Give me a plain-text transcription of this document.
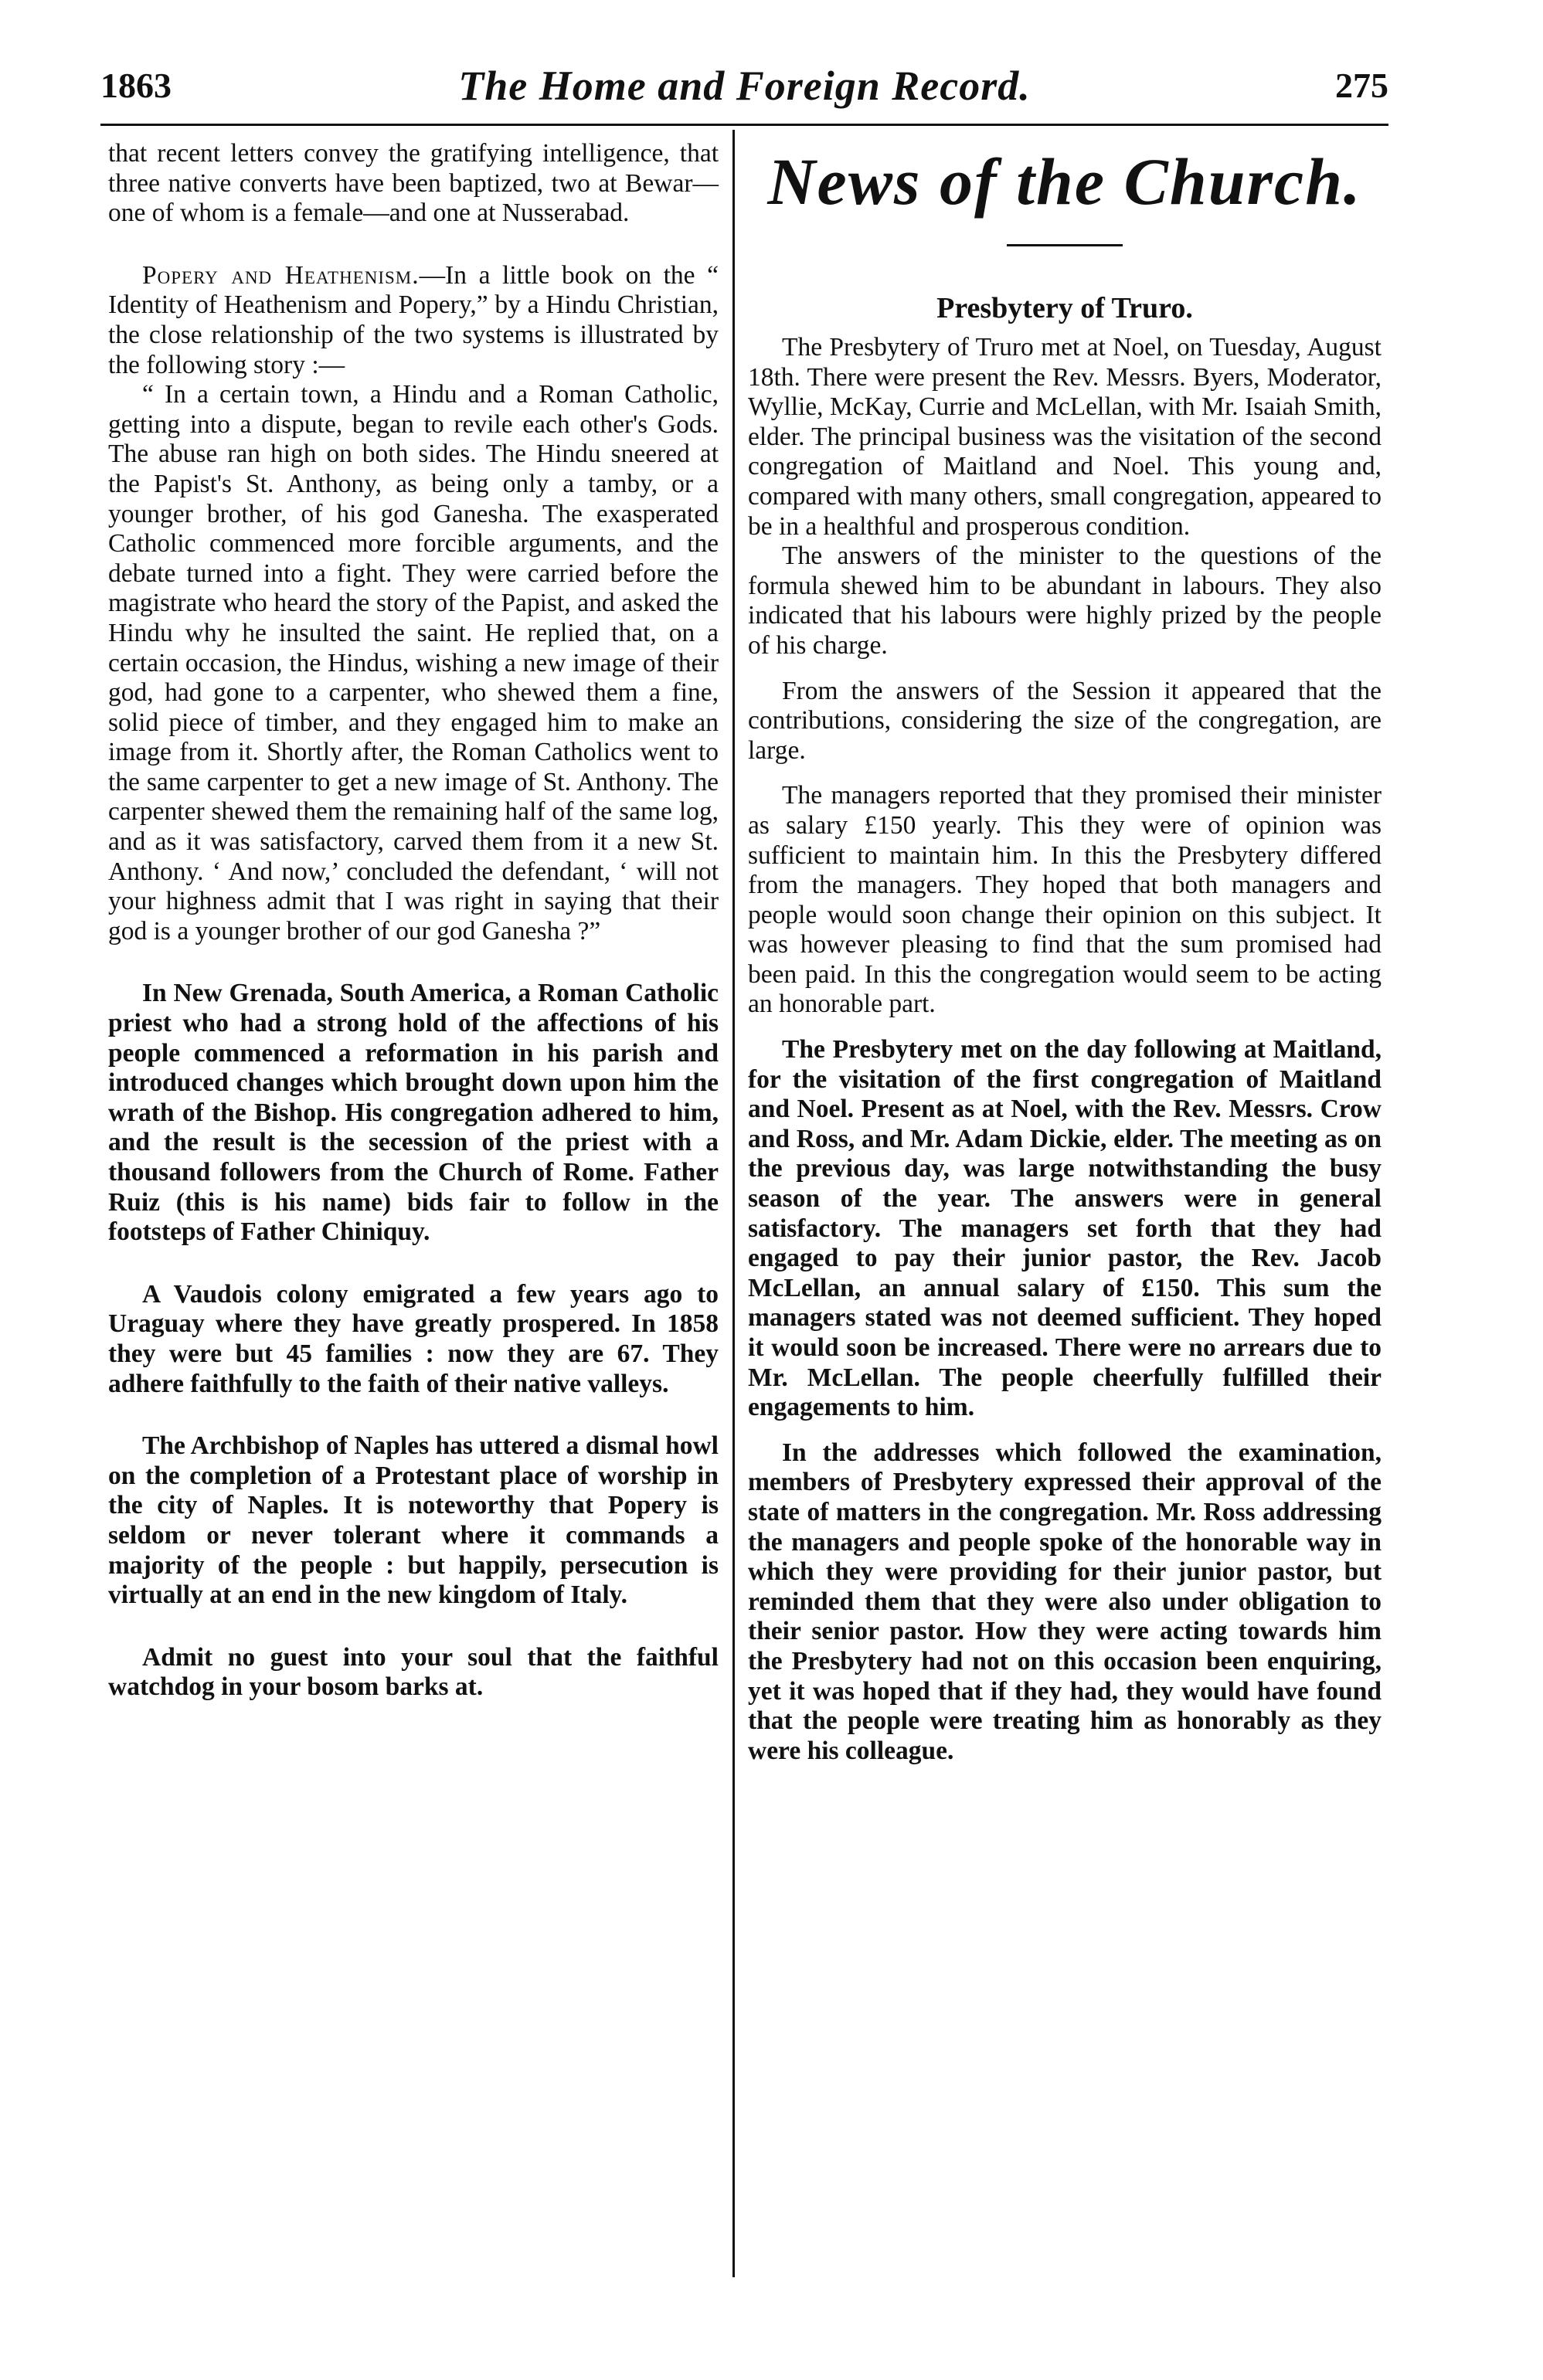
1863	The Home and Foreign Record.	275

that recent letters convey the gratifying intelligence, that three native converts have been baptized, two at Bewar—one of whom is a female—and one at Nusserabad.

Popery and Heathenism.—In a little book on the “ Identity of Heathenism and Popery,” by a Hindu Christian, the close relationship of the two systems is illustrated by the following story :—

“ In a certain town, a Hindu and a Roman Catholic, getting into a dispute, began to revile each other's Gods. The abuse ran high on both sides. The Hindu sneered at the Papist's St. Anthony, as being only a tamby, or a younger brother, of his god Ganesha. The exasperated Catholic commenced more forcible arguments, and the debate turned into a fight. They were carried before the magistrate who heard the story of the Papist, and asked the Hindu why he insulted the saint. He replied that, on a certain occasion, the Hindus, wishing a new image of their god, had gone to a carpenter, who shewed them a fine, solid piece of timber, and they engaged him to make an image from it. Shortly after, the Roman Catholics went to the same carpenter to get a new image of St. Anthony. The carpenter shewed them the remaining half of the same log, and as it was satisfactory, carved them from it a new St. Anthony. ‘ And now,’ concluded the defendant, ‘ will not your highness admit that I was right in saying that their god is a younger brother of our god Ganesha ?”

In New Grenada, South America, a Roman Catholic priest who had a strong hold of the affections of his people commenced a reformation in his parish and introduced changes which brought down upon him the wrath of the Bishop. His congregation adhered to him, and the result is the secession of the priest with a thousand followers from the Church of Rome. Father Ruiz (this is his name) bids fair to follow in the footsteps of Father Chiniquy.

A Vaudois colony emigrated a few years ago to Uraguay where they have greatly prospered. In 1858 they were but 45 families : now they are 67. They adhere faithfully to the faith of their native valleys.

The Archbishop of Naples has uttered a dismal howl on the completion of a Protestant place of worship in the city of Naples. It is noteworthy that Popery is seldom or never tolerant where it commands a majority of the people : but happily, persecution is virtually at an end in the new kingdom of Italy.

Admit no guest into your soul that the faithful watchdog in your bosom barks at.

News of the Church.
Presbytery of Truro.

The Presbytery of Truro met at Noel, on Tuesday, August 18th. There were present the Rev. Messrs. Byers, Moderator, Wyllie, McKay, Currie and McLellan, with Mr. Isaiah Smith, elder. The principal business was the visitation of the second congregation of Maitland and Noel. This young and, compared with many others, small congregation, appeared to be in a healthful and prosperous condition.

The answers of the minister to the questions of the formula shewed him to be abundant in labours. They also indicated that his labours were highly prized by the people of his charge.

From the answers of the Session it appeared that the contributions, considering the size of the congregation, are large.

The managers reported that they promised their minister as salary £150 yearly. This they were of opinion was sufficient to maintain him. In this the Presbytery differed from the managers. They hoped that both managers and people would soon change their opinion on this subject. It was however pleasing to find that the sum promised had been paid. In this the congregation would seem to be acting an honorable part.

The Presbytery met on the day following at Maitland, for the visitation of the first congregation of Maitland and Noel. Present as at Noel, with the Rev. Messrs. Crow and Ross, and Mr. Adam Dickie, elder. The meeting as on the previous day, was large notwithstanding the busy season of the year. The answers were in general satisfactory. The managers set forth that they had engaged to pay their junior pastor, the Rev. Jacob McLellan, an annual salary of £150. This sum the managers stated was not deemed sufficient. They hoped it would soon be increased. There were no arrears due to Mr. McLellan. The people cheerfully fulfilled their engagements to him.

In the addresses which followed the examination, members of Presbytery expressed their approval of the state of matters in the congregation. Mr. Ross addressing the managers and people spoke of the honorable way in which they were providing for their junior pastor, but reminded them that they were also under obligation to their senior pastor. How they were acting towards him the Presbytery had not on this occasion been enquiring, yet it was hoped that if they had, they would have found that the people were treating him as honorably as they were his colleague.
